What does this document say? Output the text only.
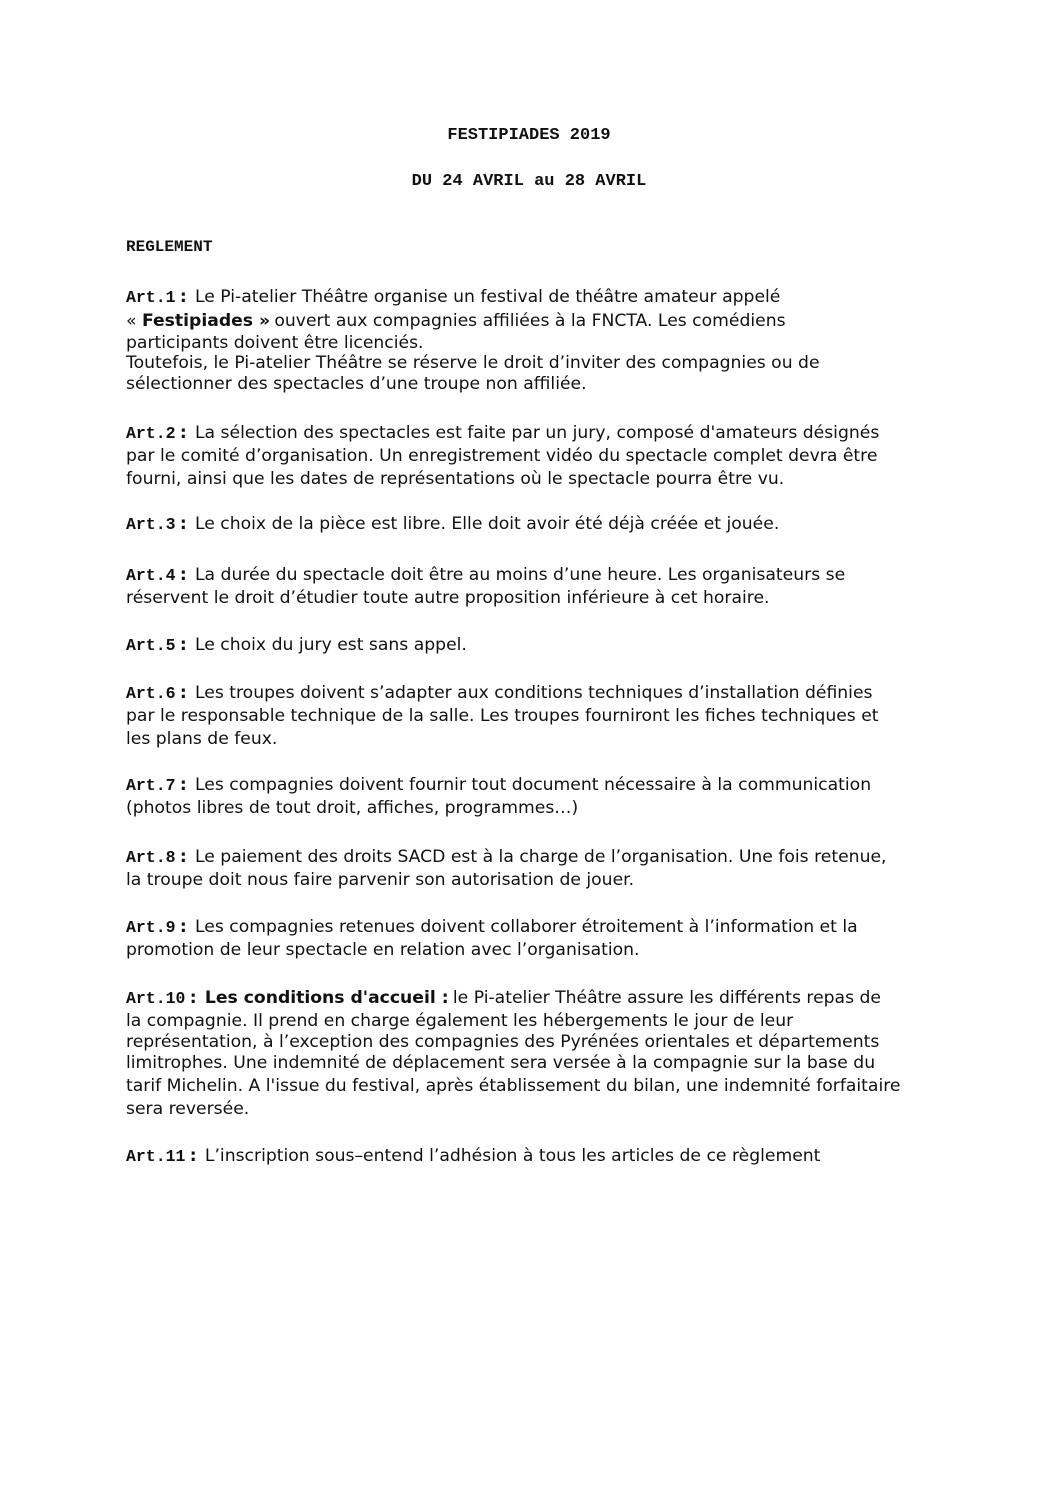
FESTIPIADES 2019
DU 24 AVRIL au 28 AVRIL
REGLEMENT
Art.1 : Le Pi-atelier Théâtre organise un festival de théâtre amateur appelé
« Festipiades » ouvert aux compagnies affiliées à la FNCTA. Les comédiens
participants doivent être licenciés.
Toutefois, le Pi-atelier Théâtre se réserve le droit d’inviter des compagnies ou de
sélectionner des spectacles d’une troupe non affiliée.
Art.2 : La sélection des spectacles est faite par un jury, composé d'amateurs désignés
par le comité d’organisation. Un enregistrement vidéo du spectacle complet devra être
fourni, ainsi que les dates de représentations où le spectacle pourra être vu.
Art.3 : Le choix de la pièce est libre. Elle doit avoir été déjà créée et jouée.
Art.4 : La durée du spectacle doit être au moins d’une heure. Les organisateurs se
réservent le droit d’étudier toute autre proposition inférieure à cet horaire.
Art.5 : Le choix du jury est sans appel.
Art.6 : Les troupes doivent s’adapter aux conditions techniques d’installation définies
par le responsable technique de la salle. Les troupes fourniront les fiches techniques et
les plans de feux.
Art.7 : Les compagnies doivent fournir tout document nécessaire à la communication
(photos libres de tout droit, affiches, programmes…)
Art.8 : Le paiement des droits SACD est à la charge de l’organisation. Une fois retenue,
la troupe doit nous faire parvenir son autorisation de jouer.
Art.9 : Les compagnies retenues doivent collaborer étroitement à l’information et la
promotion de leur spectacle en relation avec l’organisation.
Art.10 : Les conditions d'accueil : le Pi-atelier Théâtre assure les différents repas de
la compagnie. Il prend en charge également les hébergements le jour de leur
représentation, à l’exception des compagnies des Pyrénées orientales et départements
limitrophes. Une indemnité de déplacement sera versée à la compagnie sur la base du
tarif Michelin. A l'issue du festival, après établissement du bilan, une indemnité forfaitaire
sera reversée.
Art.11 : L’inscription sous–entend l’adhésion à tous les articles de ce règlement
